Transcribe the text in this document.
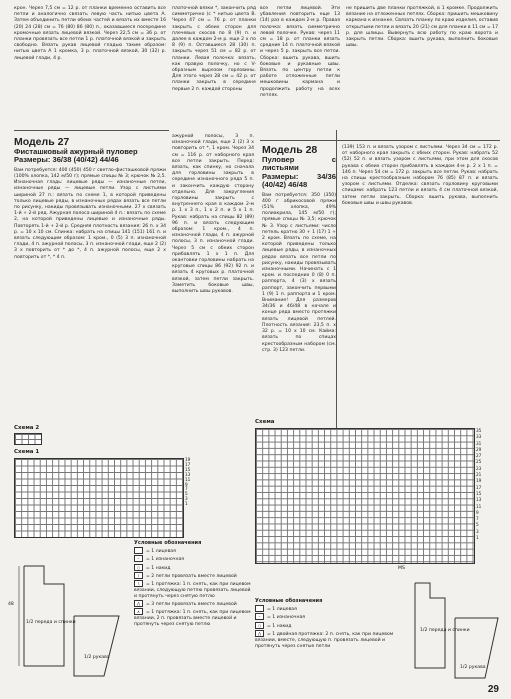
крон. Через 7,5 см = 12 р. от планки временно оставить все петли и аналогично связать левую часть нитью цвета А. Затем объединить петли обеих частей и вязать их вместе 16 (20) 24 (28) см = 76 (80) 86 (80) п., оказавшиеся посередине кромочные вязать лицевой вязкой. Через 22,5 см = 36 р. от планки провязать все петли 1 р. платочной вязкой и закрыть свободно. Вязать рукав лицевой гладью таким образом: нитью цвета А 1 кромка, 3 р. платочной вязкой, 30 (32) р. лицевой глади, 4 р.

платочной вязки *, закончить ряд симметрично (с * нитью цвета В. Через 47 см = 76 р. от планки закрыть с обеих сторон для плечевых скосов по 8 (9) п. и далее в каждом 2-м р. еще 2 х по 8 (9) п. Оставшиеся 28 (30) п. закрыть через 51 см = 82 р. от планки. Левая полочка: вязать, как правую полочку, но с V-образным вырезом горловины. Для этого через 28 см = 42 р. от планки закрыть в середине первые 2 п. каждой стороны

все петли лицевой. Эти убавления повторить еще 13 (14) раз в каждом 2-м р. Правая полочка: вязать симметрично левой полочке. Рукав: через 11 см = 18 р. от планки вязать средние 14 п. платочной вязкой и через 5 р. закрыть все петли. Сборка: вшить рукава, вшить боковые и рукавные швы. Вязать по центру петли к работе отложенные петли мешковины кармана и продолжить работу на всех петлях.

не пришить две планки протяжкой, в 1 кромке. Продолжить вязание на отложенных петлях. Сборка: пришить мешковину кармана к изнанке. Связать планку по краю изделия, оставив открытыми петли и вязать 20 (21) см для планки в 11 см = 17 р. для шлицы. Вывернуть всю работу по краю ворота и закрыть петли. Сборка: вшить рукава, выполнить боковые швы.

Модель 27

Фисташковый ажурный пуловер

Размеры: 36/38 (40/42) 44/46

Вам потребуется: 400 (450) 450 г светло-фисташковой пряжи (100% хлопка, 142 м/50 г); прямые спицы № 3; крючок № 2,5. Изнаночная гладь: лицевые ряды — изнаночные петли, изнаночные ряды — лицевые петли. Узор с листьями шириной 27 п.: вязать по схеме 1, в которой приведены только лицевые ряды, в изнаночных рядах вязать все петли по рисунку, накиды провязывать изнаночными. 27 х связать 1-й + 2-й ряд. Ажурная полоса шириной 4 п.: вязать по схеме 2, на которой приведены лицевые и изнаночные ряды. Повторять 1-й + 2-й р. Средняя плотность вязания: 26 п. x 34 р. = 10 х 10 см. Спинка: набрать на спицы 141 (151) 161 п. и вязать следующим образом: 1 кром., 0 (5) 3 п. изнаночной глади, 4 п. ажурной полосы, 3 п. изнаночной глади, еще 2 (2) 3 х повторить от * до *, 4 п. ажурной полосы, еще 2 х повторить от *, * 4 п.

ажурной полосы, 3 п. изнаночной глади, еще 2 (2) 3 х повторить от *, 1 кром. Через 34 см = 116 р. от наборного края все петли закрыть. Перед: вязать, как спинку, но сначала для горловины закрыть в середине изнаночного ряда 5 п. и закончить каждую сторону отдельно. Для закругления горловины закрыть с внутреннего края в каждом 2-м р. 1 х 3 п., 1 х 2 п. и 5 х 1 п. Рукав: набрать на спицы 82 (89) 96 п. и вязать следующим образом: 1 кром., 4 п. изнаночной глади, 4 п. ажурной полосы, 3 п. изнаночной глади. Через 5 см с обеих сторон прибавлять 1 х 1 п. Для окантовки горловины набрать на круговые спицы 86 (92) 92 п. и вязать 4 круговых р. платочной вязкой, затем петли закрыть. Заметить боковые швы, выполнить швы рукавов.

Модель 28

Пуловер с листьями

Размеры: 34/36 (40/42) 46/48

Вам потребуется: 350 (350) 400 г абрикосовой пряжи (51% хлопка, 49% полиакрила, 145 м/50 г); прямые спицы № 3,5; крючок № 3. Узор с листьями: число петель кратно 30 + 1 (17) 1 + 2 кром. Вязать по схеме, на которой приведены только лицевые ряды, в изнаночных рядах вязать все петли по рисунку, накиды провязывать изнаночными. Начинать с 1 кром. и последних 0 (8) 0 п. раппорта, 4 (3) х вязать раппорт, закончить первыми 1 (9) 1 п. раппорта и 1 кром. Внимание! Для размеров 34/36 и 46/48 в начале и конце ряда вместо протяжки вязать лицевой петлей. Плотность вязания: 23,5 п. х 32 р. = 10 х 10 см. Кайма: вязать по спицах крестообразным набором (см. стр. 3) 123 петли.

(139) 153 п. и вязать узором с листьями. Через 34 см = 172 р. от наборного края закрыть с обеих сторон. Рукав: набрать 52 (52) 52 п. и вязать узором с листьями, при этом для скосов рукава с обеих сторон прибавлять в каждом 4-м р. 2 х 1 п. = 146 п. Через 54 см = 172 р. закрыть все петли. Рукав: набрать на спицы крестообразным набором 76 (85) 87 п. и вязать узором с листьями. Отделка: связать горловину круговыми спицами: набрать 123 петли и вязать 4 см платочной вязкой, затем петли закрыть. Сборка: вшить рукава, выполнить боковые швы и швы рукавов.

Схема 2
Схема 1
19
17
15
13
11
9
7
5
3
1
1/2 переда и спинки
48
1/2 рукава
Условные обозначения
= 1 лицевая
– = 1 изнаночная
○ = 1 накид
∕ = 2 петли провязать вместе лицевой
∖ = 1 протяжка: 1 п. снять, как при лицевом вязании, следующую петлю провязать лицевой и протянуть через снятую петлю
⋀ = 3 петли провязать вместе лицевой
⋏ = 1 протяжка: 1 п. снять, как при лицевом вязании, 2 п. провязать вместе лицевой и протянуть через снятую петлю
Схема
35
33
31
29
27
25
23
21
19
17
15
13
11
9
7
5
3
1
MS
Условные обозначения
= 1 лицевая
– = 1 изнаночная
○ = 1 накид
⋀ = 1 двойная протяжка: 2 п. снять, как при лицевом вязании, вместе, следующую п. провязать лицевой и протянуть через снятые петли
1/2 переда и спинки
1/2 рукава
29
